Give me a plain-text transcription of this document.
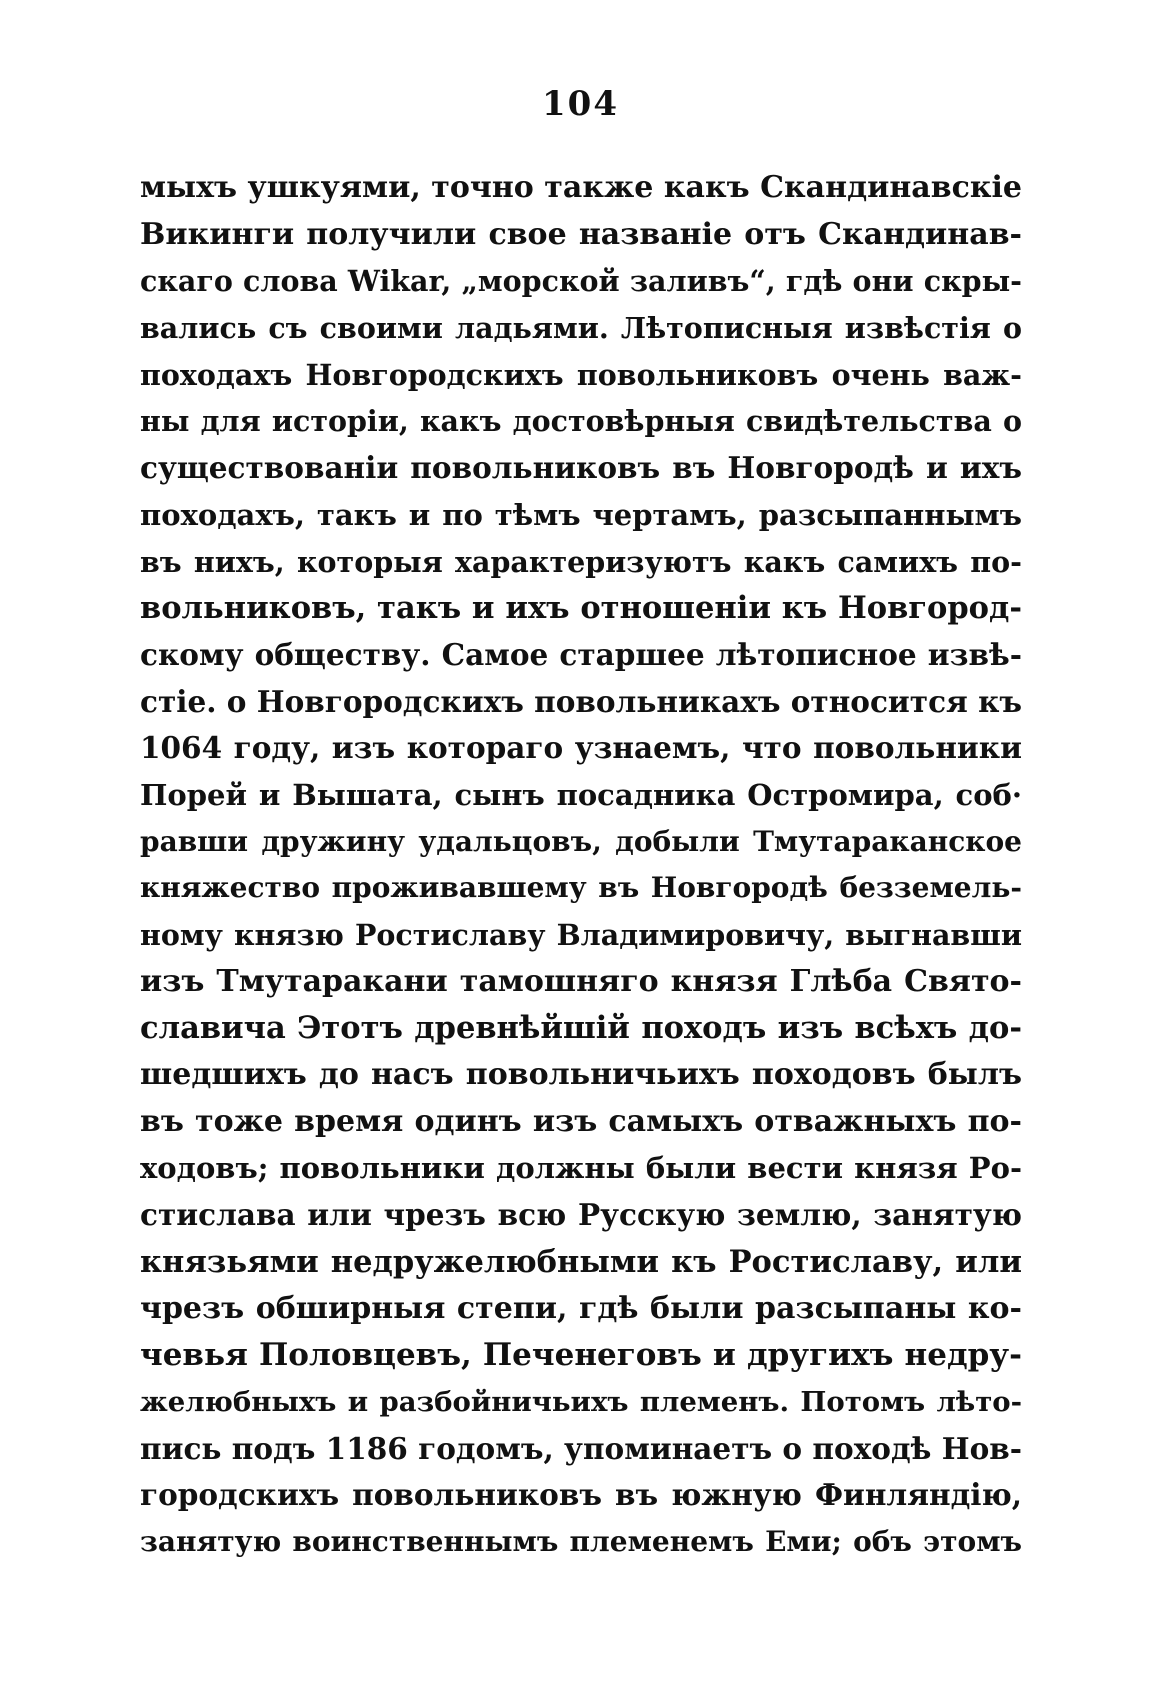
104
мыхъ ушкуями, точно также какъ Скандинавскіе
Викинги получили свое названіе отъ Скандинав-
скаго слова Wikar, „морской заливъ“, гдѣ они скры-
вались съ своими ладьями. Лѣтописныя извѣстія о
походахъ Новгородскихъ повольниковъ очень важ-
ны для исторіи, какъ достовѣрныя свидѣтельства о
существованіи повольниковъ въ Новгородѣ и ихъ
походахъ, такъ и по тѣмъ чертамъ, разсыпаннымъ
въ нихъ, которыя характеризуютъ какъ самихъ по-
вольниковъ, такъ и ихъ отношеніи къ Новгород-
скому обществу. Самое старшее лѣтописное извѣ-
стіе. о Новгородскихъ повольникахъ относится къ
1064 году, изъ котораго узнаемъ, что повольники
Порей и Вышата, сынъ посадника Остромира, соб·
равши дружину удальцовъ, добыли Тмутараканское
княжество проживавшему въ Новгородѣ безземель-
ному князю Ростиславу Владимировичу, выгнавши
изъ Тмутаракани тамошняго князя Глѣба Свято-
славича Этотъ древнѣйшій походъ изъ всѣхъ до-
шедшихъ до насъ повольничьихъ походовъ былъ
въ тоже время одинъ изъ самыхъ отважныхъ по-
ходовъ; повольники должны были вести князя Ро-
стислава или чрезъ всю Русскую землю, занятую
князьями недружелюбными къ Ростиславу, или
чрезъ обширныя степи, гдѣ были разсыпаны ко-
чевья Половцевъ, Печенеговъ и другихъ недру-
желюбныхъ и разбойничьихъ племенъ. Потомъ лѣто-
пись подъ 1186 годомъ, упоминаетъ о походѣ Нов-
городскихъ повольниковъ въ южную Финляндію,
занятую воинственнымъ племенемъ Еми; объ этомъ
